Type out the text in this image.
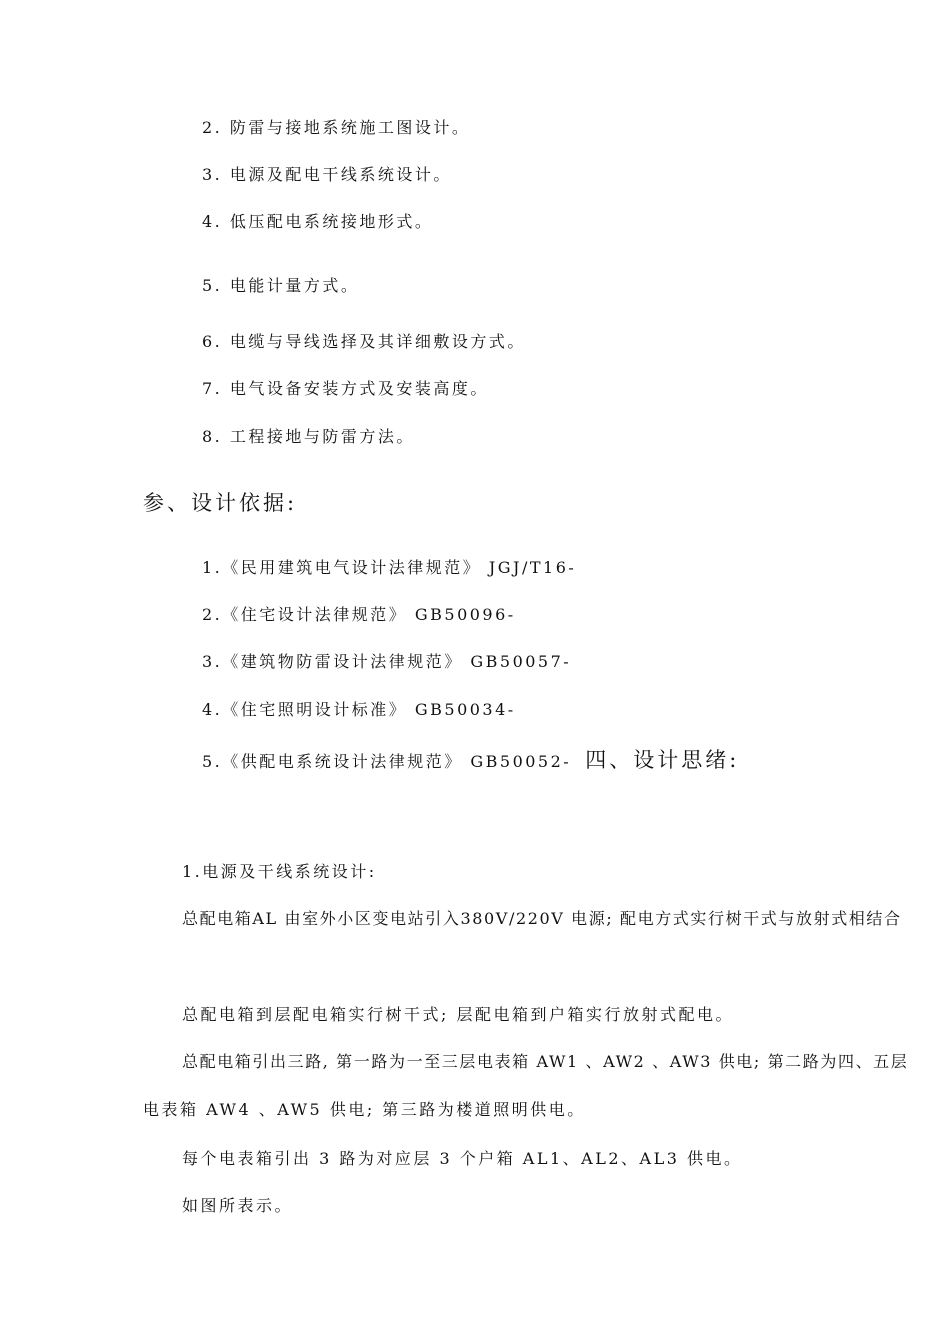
2. 防雷与接地系统施工图设计。
3. 电源及配电干线系统设计。
4. 低压配电系统接地形式。
5. 电能计量方式。
6. 电缆与导线选择及其详细敷设方式。
7. 电气设备安装方式及安装高度。
8. 工程接地与防雷方法。
参、设计依据:
1.《民用建筑电气设计法律规范》 JGJ/T16-
2.《住宅设计法律规范》 GB50096-
3.《建筑物防雷设计法律规范》 GB50057-
4.《住宅照明设计标准》 GB50034-
5.《供配电系统设计法律规范》 GB50052- 四、设计思绪:
1.电源及干线系统设计:
总配电箱AL 由室外小区变电站引入380V/220V 电源; 配电方式实行树干式与放射式相结合
总配电箱到层配电箱实行树干式; 层配电箱到户箱实行放射式配电。
总配电箱引出三路, 第一路为一至三层电表箱 AW1 、AW2 、AW3 供电; 第二路为四、五层
电表箱 AW4 、AW5 供电; 第三路为楼道照明供电。
每个电表箱引出 3 路为对应层 3 个户箱 AL1、AL2、AL3 供电。
如图所表示。
